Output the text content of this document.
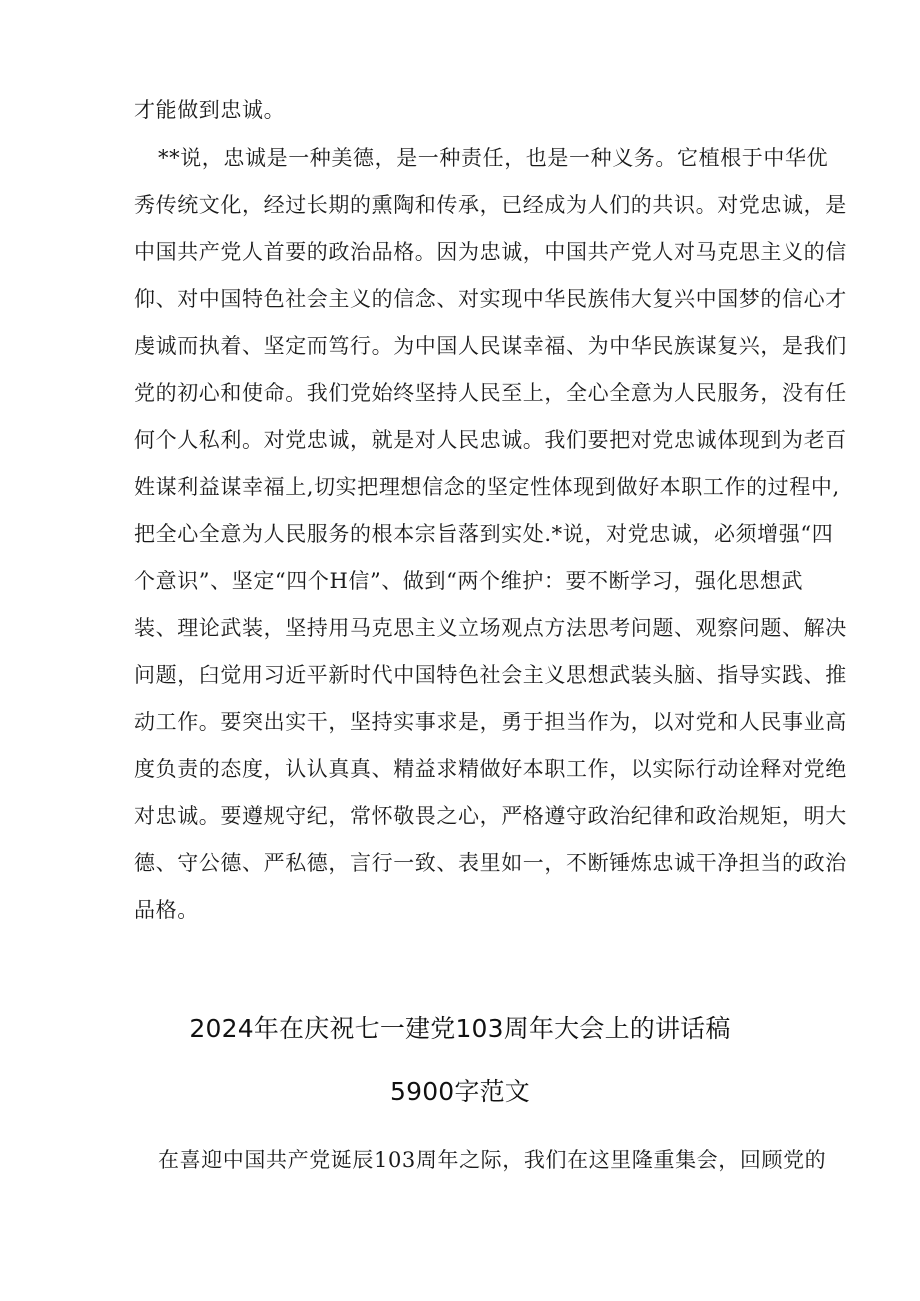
才能做到忠诚。
**说，忠诚是一种美德，是一种责任，也是一种义务。它植根于中华优
秀传统文化，经过长期的熏陶和传承，已经成为人们的共识。对党忠诚，是
中国共产党人首要的政治品格。因为忠诚，中国共产党人对马克思主义的信
仰、对中国特色社会主义的信念、对实现中华民族伟大复兴中国梦的信心才
虔诚而执着、坚定而笃行。为中国人民谋幸福、为中华民族谋复兴，是我们
党的初心和使命。我们党始终坚持人民至上，全心全意为人民服务，没有任
何个人私利。对党忠诚，就是对人民忠诚。我们要把对党忠诚体现到为老百
姓谋利益谋幸福上,切实把理想信念的坚定性体现到做好本职工作的过程中,
把全心全意为人民服务的根本宗旨落到实处.*说，对党忠诚，必须增强“四
个意识”、坚定“四个H信”、做到“两个维护：要不断学习，强化思想武
装、理论武装，坚持用马克思主义立场观点方法思考问题、观察问题、解决
问题，臼觉用习近平新时代中国特色社会主义思想武装头脑、指导实践、推
动工作。要突出实干，坚持实事求是，勇于担当作为，以对党和人民事业高
度负责的态度，认认真真、精益求精做好本职工作，以实际行动诠释对党绝
对忠诚。要遵规守纪，常怀敬畏之心，严格遵守政治纪律和政治规矩，明大
德、守公德、严私德，言行一致、表里如一，不断锤炼忠诚干净担当的政治
品格。
2024年在庆祝七一建党103周年大会上的讲话稿
5900字范文
在喜迎中国共产党诞辰103周年之际，我们在这里隆重集会，回顾党的
